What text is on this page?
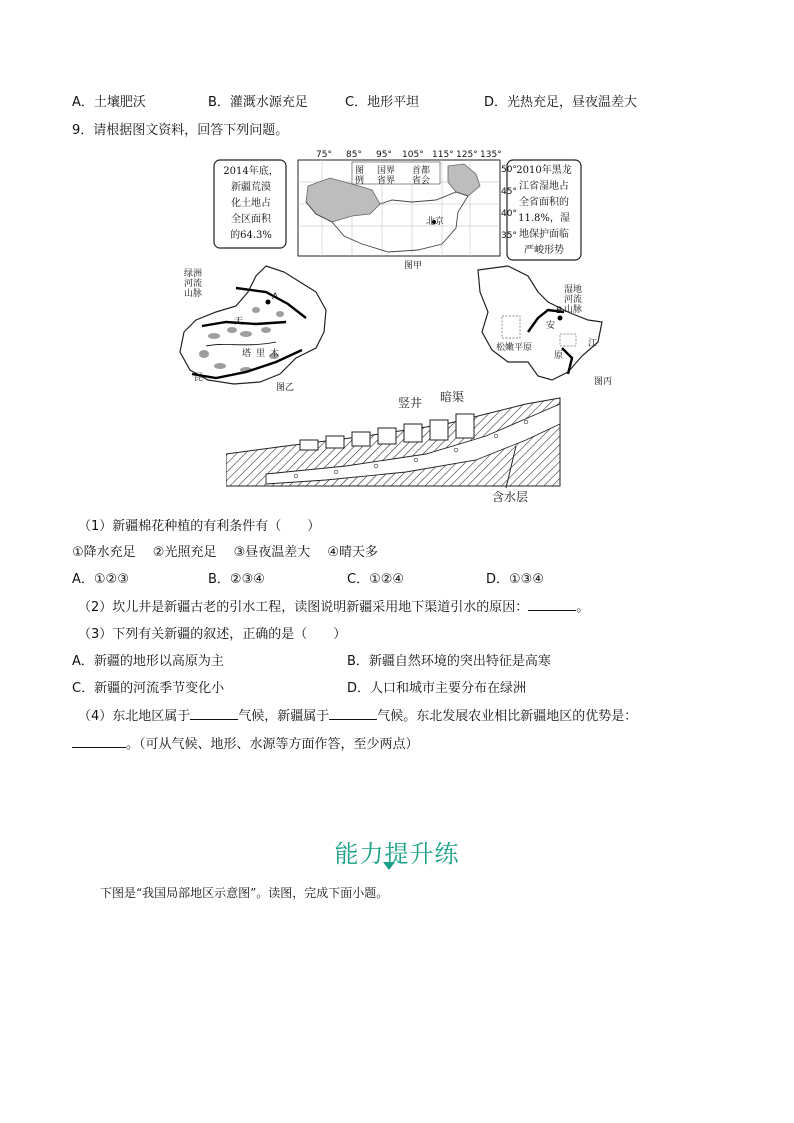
A．土壤肥沃	B．灌溉水源充足	C．地形平坦	D．光热充足，昼夜温差大
9．请根据图文资料，回答下列问题。
75° 85° 95° 105° 115° 125° 135°
50°
45°
40°
35°
图
例
国界 首都
省界 省会
北京
2014年底，
新疆荒漠
化土地占
全区面积
的64.3%
2010年黑龙
江省湿地占
全省面积的
11.8%，湿
地保护面临
严峻形势
图甲
绿洲
河流
山脉	A
天
塔 里 木
昆
图乙
湿地
河流
山脉
B
安
松嫩平原	江
原
图丙
竖井 暗渠
含水层
（1）新疆棉花种植的有利条件有（　　）
①降水充足　 ②光照充足　 ③昼夜温差大　 ④晴天多
A．①②③	B．②③④	C．①②④	D．①③④
（2）坎儿井是新疆古老的引水工程，读图说明新疆采用地下渠道引水的原因：	。
（3）下列有关新疆的叙述，正确的是（　　）
A．新疆的地形以高原为主	B．新疆自然环境的突出特征是高寒
C．新疆的河流季节变化小	D．人口和城市主要分布在绿洲
（4）东北地区属于	气候，新疆属于	气候。东北发展农业相比新疆地区的优势是：
。（可从气候、地形、水源等方面作答，至少两点）
能力提升练
下图是“我国局部地区示意图”。读图，完成下面小题。
